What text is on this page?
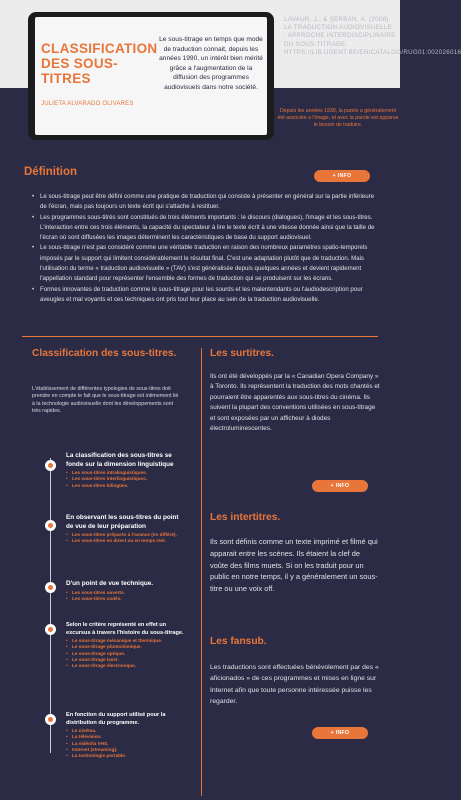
CLASSIFICATION DES SOUS-TITRES
JULIETA ALVARADO OLIVARES
Le sous-titrage en temps que mode de traduction connait, depuis les années 1990, un intérêt bien mérité grâce a l'augmentation de la diffusion des programmes audiovisuels dans notre société.
LAVAUR, J.; & ŞERBAN, A. (2008). LA TRADUCTION AUDIOVISUELLE : APPROCHE INTERDISCIPLINAIRE DU SOUS-TITRAGE. HTTPS://LIB.UGENT.BE/EN/CATALOG/RUG01:002026016
Depuis les années 1930, la parole a généralement été associée a l'image, et avec la parole est apparue le besoin de traduire.
Définition	+ INFO
• Le sous-titrage peut être défini comme une pratique de traduction qui consiste à présenter en général sur la partie inférieure de l'écran, mais pas toujours un texte écrit qui s'attache à restituer.
• Les programmes sous-titrés sont constitués de trois éléments importants : le discours (dialogues), l'image et les sous-titres. L'interaction entre ces trois éléments, la capacité du spectateur à lire le texte écrit à une vitesse donnée ainsi que la taille de l'écran où sont diffusées les images déterminent les caractéristiques de base du support audiovisuel.
• Le sous-titrage n'est pas considéré comme une véritable traduction en raison des nombreux paramètres spatio-temporels imposés par le support qui limitent considérablement le résultat final. C'est une adaptation plutôt que de traduction. Mais l'utilisation du terme « traduction audiovisuelle » (TAV) s'est généralisée depuis quelques années et devient rapidement l'appellation standard pour représenter l'ensemble des formes de traduction qui se produisent sur les écrans.
• Formes innovantes de traduction comme le sous-titrage pour les sourds et les malentendants ou l'audiodescription pour aveugles et mal voyants et ces techniques ont pris tout leur place au sein de la traduction audiovisuelle.
Classification des sous-titres.
L'établissement de différentes typologies de sous-titres doit prendre en compte le fait que le sous-titrage est intimement lié à la technologie audiovisuelle dont les développements sont très rapides.
La classification des sous-titres se fonde sur la dimension linguistique
• Les sous-titres intralinguistiques.
• Les sous-titres interlinguistiques.
• Les sous-titres bilingües.
En observant les sous-titres du point de vue de leur préparation
• Les sous-titres préparés à l'avance (en différé).
• Les sous-titres en direct ou en temps réel.
D'un point de vue technique.
• Les sous-titres ouverts.
• Les sous-titres codés.
Selon le critère représenté en effet un excursus à travers l'histoire du sous-titrage.
• Le sous-titrage mécanique et thermique.
• Le sous-titrage photochimique.
• Le sous-titrage optique.
• Le sous-titrage laser.
• Le sous-titrage électronique.
En fonction du support utilisé pour la distribution du programme.
• Le cinéma.
• La télévision.
• La vidéo/la VHS.
• Internet (streaming).
• La technologie portable.
Les surtitres.
Ils ont été développés par la « Canadian Opera Company » à Toronto. Ils représentent la traduction des mots chantés et pourraient être apparentés aux sous-titres du cinéma. Ils suivent la plupart des conventions utilisées en sous-titrage et sont exposées par un afficheur à diodes électroluminescentes.
+ INFO
Les intertitres.
Ils sont définis comme un texte imprimé et filmé qui apparait entre les scènes. Ils étaient la clef de voûte des films muets. Si on les traduit pour un public en notre temps, il y a généralement un sous-titre ou une voix off.
Les fansub.
Les traductions sont effectuées bénévolement par des « aficionados » de ces programmes et mises en ligne sur Internet afin que toute personne intéressée puisse les regarder.
+ INFO
